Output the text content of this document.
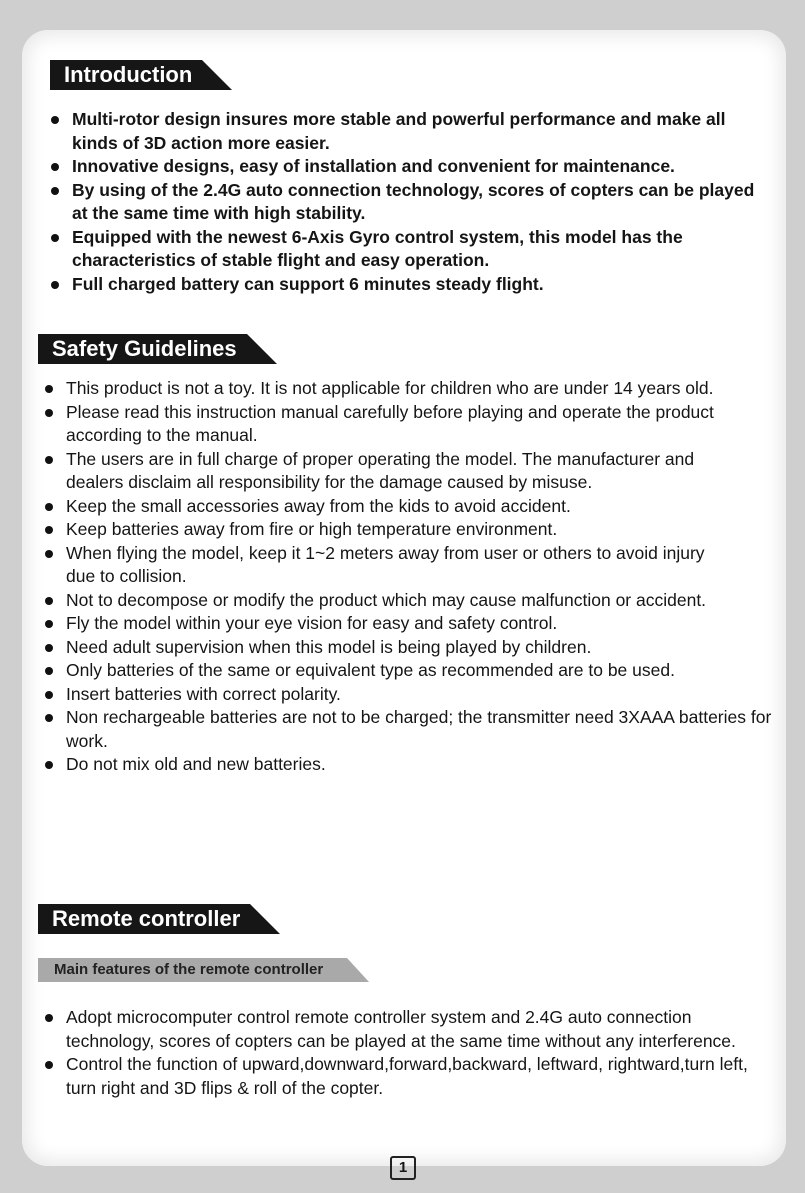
Introduction
Multi-rotor design insures more stable and powerful performance and make all kinds of 3D action more easier.
Innovative designs, easy of installation and convenient for maintenance.
By using of the 2.4G auto connection technology, scores of copters can be played at the same time with high stability.
Equipped with the newest 6-Axis Gyro control system, this model has the characteristics of stable flight and easy operation.
Full charged battery can support 6 minutes steady flight.
Safety Guidelines
This product is not a toy. It is not applicable for children who are under 14 years old.
Please read this instruction manual carefully before playing and operate the product according to the manual.
The users are in full charge of proper operating the model. The manufacturer and dealers disclaim all responsibility for the damage caused by misuse.
Keep the small accessories away from the kids to avoid accident.
Keep batteries away from fire or high temperature environment.
When flying the model, keep it 1~2 meters away from user or others to avoid injury due to collision.
Not to decompose or modify the product which may cause malfunction or accident.
Fly the model within your eye vision for easy and safety control.
Need adult supervision when this model is being played by children.
Only batteries of the same or equivalent type as recommended are to be used.
Insert batteries with correct polarity.
Non rechargeable batteries are not to be charged; the transmitter need 3XAAA batteries for work.
Do not mix old and new batteries.
Remote controller
Main features of the remote controller
Adopt microcomputer control remote controller system and 2.4G auto connection technology, scores of copters can be played at the same time without any interference.
Control the function of upward,downward,forward,backward, leftward, rightward,turn left, turn right and 3D flips & roll of the copter.
1
